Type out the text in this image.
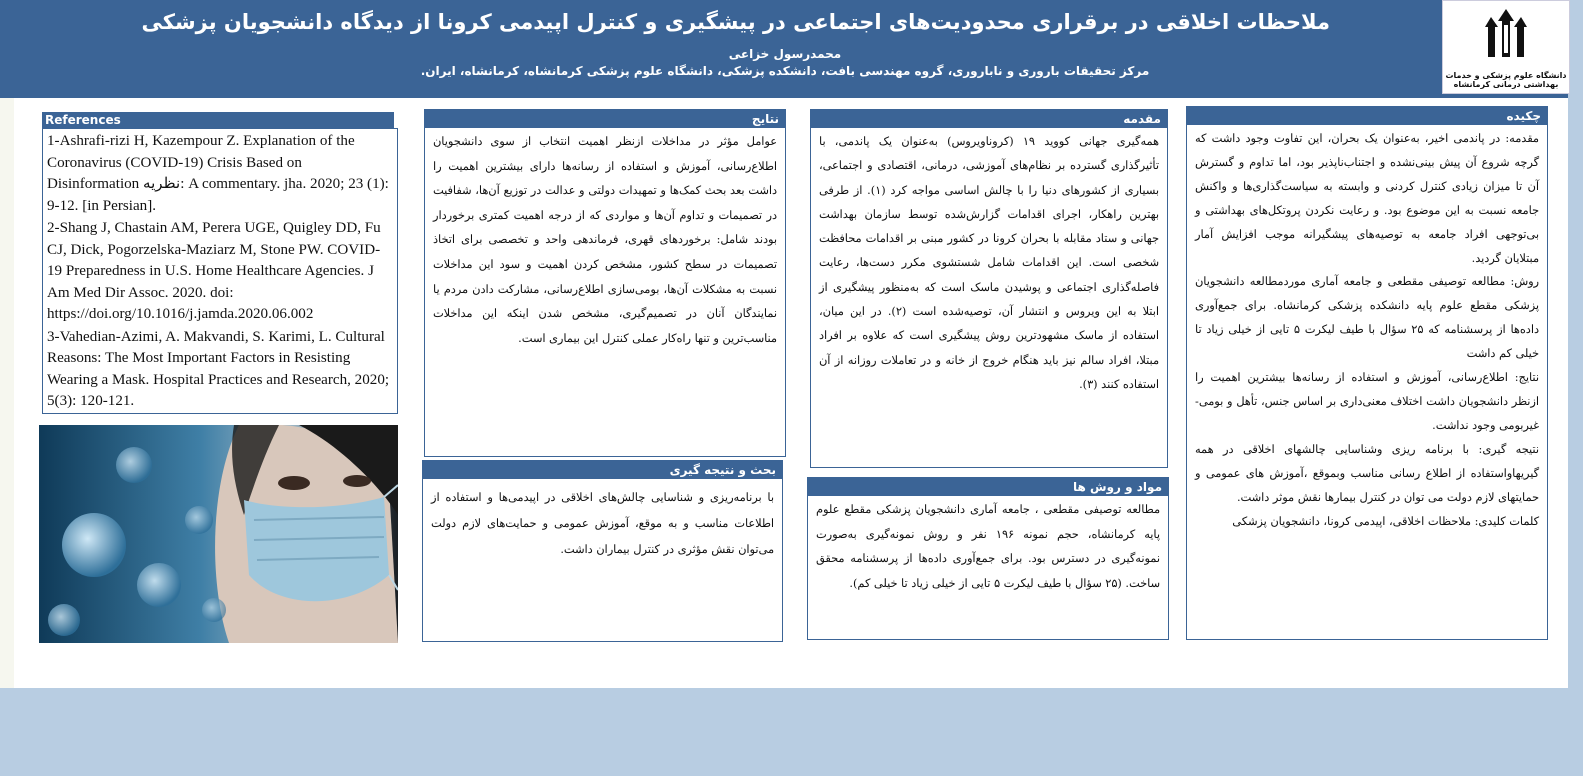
ملاحظات اخلاقی در برقراری محدودیت‌های اجتماعی در پیشگیری و کنترل اپیدمی کرونا از دیدگاه دانشجویان پزشکی
محمدرسول خزاعی
مرکز تحقیقات باروری و ناباروری، گروه مهندسی بافت، دانشکده پزشکی، دانشگاه علوم پزشکی کرمانشاه، کرمانشاه، ایران.	دانشگاه علوم پزشکی و خدمات بهداشتی درمانی کرمانشاه
چکیده
مقدمه: در پاندمی اخیر، به‌عنوان یک بحران، این تفاوت وجود داشت که گرچه شروع آن پیش بینی‌نشده و اجتناب‌ناپذیر بود، اما تداوم و گسترش آن تا میزان زیادی کنترل کردنی و وابسته به سیاست‌گذاری‌ها و واکنش جامعه نسبت به این موضوع بود. و رعایت نکردن پروتکل‌های بهداشتی و بی‌توجهی افراد جامعه به توصیه‌های پیشگیرانه موجب افزایش آمار مبتلایان گردید.
روش: مطالعه توصیفی مقطعی و جامعه آماری موردمطالعه دانشجویان پزشکی مقطع علوم پایه دانشکده پزشکی کرمانشاه. برای جمع‌آوری داده‌ها از پرسشنامه که ۲۵ سؤال با طیف لیکرت ۵ تایی از خیلی زیاد تا خیلی کم داشت
نتایج: اطلاع‌رسانی، آموزش و استفاده از رسانه‌ها بیشترین اهمیت را ازنظر دانشجویان داشت اختلاف معنی‌داری بر اساس جنس، تأهل و بومی-غیربومی وجود نداشت.
نتیجه گیری: با برنامه ریزی وشناسایی چالشهای اخلاقی در همه گیریهاواستفاده از اطلاع رسانی مناسب وبموقع ،آموزش های عمومی و حمایتهای لازم دولت می توان در کنترل بیمارها نقش موثر داشت.
کلمات کلیدی: ملاحظات اخلاقی، اپیدمی کرونا، دانشجویان پزشکی
مقدمه
همه‌گیری جهانی کووید ۱۹ (کروناویروس) به‌عنوان یک پاندمی، با تأثیرگذاری گسترده بر نظام‌های آموزشی، درمانی، اقتصادی و اجتماعی، بسیاری از کشورهای دنیا را با چالش اساسی مواجه کرد (۱). از طرفی بهترین راهکار، اجرای اقدامات گزارش‌شده توسط سازمان بهداشت جهانی و ستاد مقابله با بحران کرونا در کشور مبنی بر اقدامات محافظت شخصی است. این اقدامات شامل شستشوی مکرر دست‌ها، رعایت فاصله‌گذاری اجتماعی و پوشیدن ماسک است که به‌منظور پیشگیری از ابتلا به این ویروس و انتشار آن، توصیه‌شده است (۲). در این میان، استفاده از ماسک مشهودترین روش پیشگیری است که علاوه بر افراد مبتلا، افراد سالم نیز باید هنگام خروج از خانه و در تعاملات روزانه از آن استفاده کنند (۳).
مواد و روش ها
مطالعه توصیفی مقطعی ، جامعه آماری دانشجویان پزشکی مقطع علوم پایه کرمانشاه، حجم نمونه ۱۹۶ نفر و روش نمونه‌گیری به‌صورت نمونه‌گیری در دسترس بود. برای جمع‌آوری داده‌ها از پرسشنامه محقق ساخت. (۲۵ سؤال با طیف لیکرت ۵ تایی از خیلی زیاد تا خیلی کم).
نتایج
عوامل مؤثر در مداخلات ازنظر اهمیت انتخاب از سوی دانشجویان اطلاع‌رسانی، آموزش و استفاده از رسانه‌ها دارای بیشترین اهمیت را داشت بعد بحث کمک‌ها و تمهیدات دولتی و عدالت در توزیع آن‌ها، شفافیت در تصمیمات و تداوم آن‌ها و مواردی که از درجه اهمیت کمتری برخوردار بودند شامل: برخوردهای قهری، فرماندهی واحد و تخصصی برای اتخاذ تصمیمات در سطح کشور، مشخص کردن اهمیت و سود این مداخلات نسبت به مشکلات آن‌ها، بومی‌سازی اطلاع‌رسانی، مشارکت دادن مردم یا نمایندگان آنان در تصمیم‌گیری، مشخص شدن اینکه این مداخلات مناسب‌ترین و تنها راه‌کار عملی کنترل این بیماری است.
بحث و نتیجه گیری
با برنامه‌ریزی و شناسایی چالش‌های اخلاقی در اپیدمی‌ها و استفاده از اطلاعات مناسب و به موقع، آموزش عمومی و حمایت‌های لازم دولت می‌توان نقش مؤثری در کنترل بیماران داشت.
References

1-Ashrafi-rizi H, Kazempour Z. Explanation of the Coronavirus (COVID-19) Crisis Based on Disinformation نظریه: A commentary. jha. 2020; 23 (1): 9-12. [in Persian].

2-Shang J, Chastain AM, Perera UGE, Quigley DD, Fu CJ, Dick, Pogorzelska-Maziarz M, Stone PW. COVID-19 Preparedness in U.S. Home Healthcare Agencies. J Am Med Dir Assoc. 2020. doi: https://doi.org/10.1016/j.jamda.2020.06.002

3-Vahedian-Azimi, A. Makvandi, S. Karimi, L. Cultural Reasons: The Most Important Factors in Resisting Wearing a Mask. Hospital Practices and Research, 2020; 5(3): 120-121.
